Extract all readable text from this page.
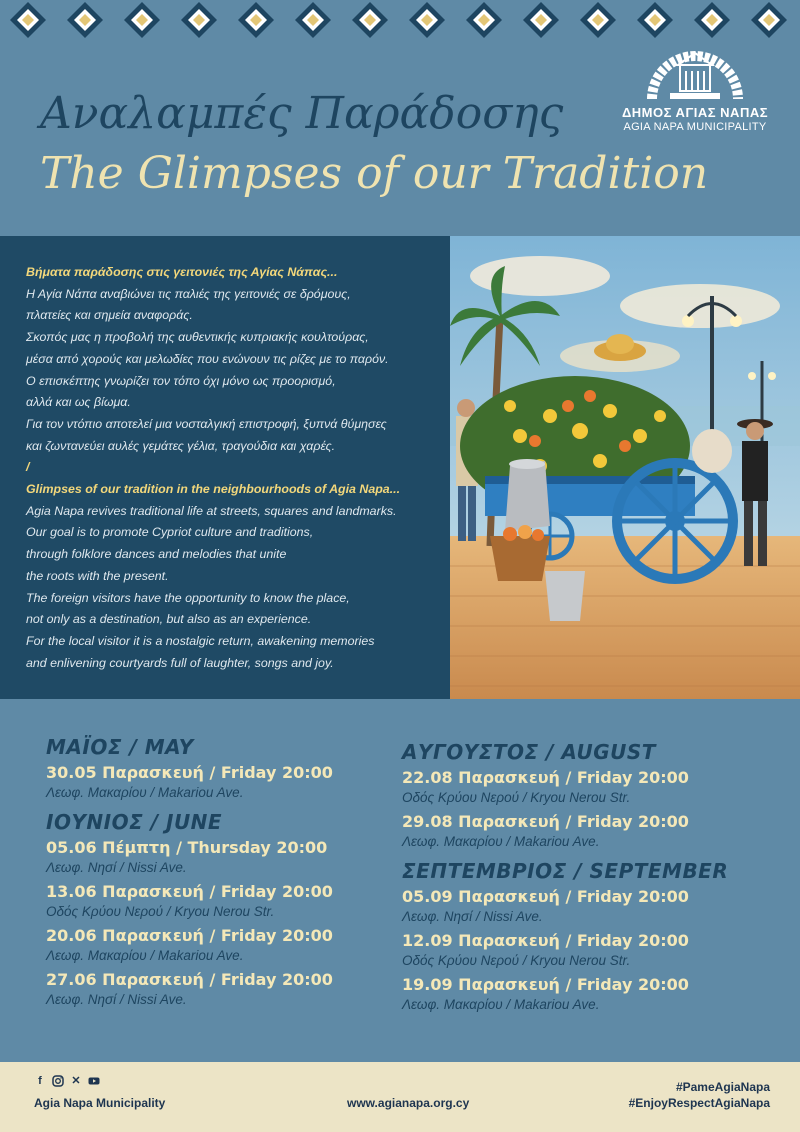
ΔΗΜΟΣ ΑΓΙΑΣ ΝΑΠΑΣ
AGIA NAPA MUNICIPALITY
Αναλαμπές Παράδοσης
The Glimpses of our Tradition
Βήματα παράδοσης στις γειτονιές της Αγίας Νάπας...
Η Αγία Νάπα αναβιώνει τις παλιές της γειτονιές σε δρόμους,
πλατείες και σημεία αναφοράς.
Σκοπός μας η προβολή της αυθεντικής κυπριακής κουλτούρας,
μέσα από χορούς και μελωδίες που ενώνουν τις ρίζες με το παρόν.
Ο επισκέπτης γνωρίζει τον τόπο όχι μόνο ως προορισμό,
αλλά και ως βίωμα.
Για τον ντόπιο αποτελεί μια νοσταλγική επιστροφή, ξυπνά θύμησες
και ζωντανεύει αυλές γεμάτες γέλια, τραγούδια και χαρές.
/
Glimpses of our tradition in the neighbourhoods of Agia Napa...
Agia Napa revives traditional life at streets, squares and landmarks.
Our goal is to promote Cypriot culture and traditions,
through folklore dances and melodies that unite
the roots with the present.
The foreign visitors have the opportunity to know the place,
not only as a destination, but also as an experience.
For the local visitor it is a nostalgic return, awakening memories
and enlivening courtyards full of laughter, songs and joy.
ΜΑΪΟΣ / MAY
30.05 Παρασκευή / Friday 20:00
Λεωφ. Μακαρίου / Makariou Ave.
ΙΟΥΝΙΟΣ / JUNE
05.06 Πέμπτη / Thursday 20:00
Λεωφ. Νησί / Nissi Ave.
13.06 Παρασκευή / Friday 20:00
Οδός Κρύου Νερού / Kryou Nerou Str.
20.06 Παρασκευή / Friday 20:00
Λεωφ. Μακαρίου / Makariou Ave.
27.06 Παρασκευή / Friday 20:00
Λεωφ. Νησί / Nissi Ave.
ΑΥΓΟΥΣΤΟΣ / AUGUST
22.08 Παρασκευή / Friday 20:00
Οδός Κρύου Νερού / Kryou Nerou Str.
29.08 Παρασκευή / Friday 20:00
Λεωφ. Μακαρίου / Makariou Ave.
ΣΕΠΤΕΜΒΡΙΟΣ / SEPTEMBER
05.09 Παρασκευή / Friday 20:00
Λεωφ. Νησί / Nissi Ave.
12.09 Παρασκευή / Friday 20:00
Οδός Κρύου Νερού / Kryou Nerou Str.
19.09 Παρασκευή / Friday 20:00
Λεωφ. Μακαρίου / Makariou Ave.
f	✕
Agia Napa Municipality	www.agianapa.org.cy
#PameAgiaNapa
#EnjoyRespectAgiaNapa
